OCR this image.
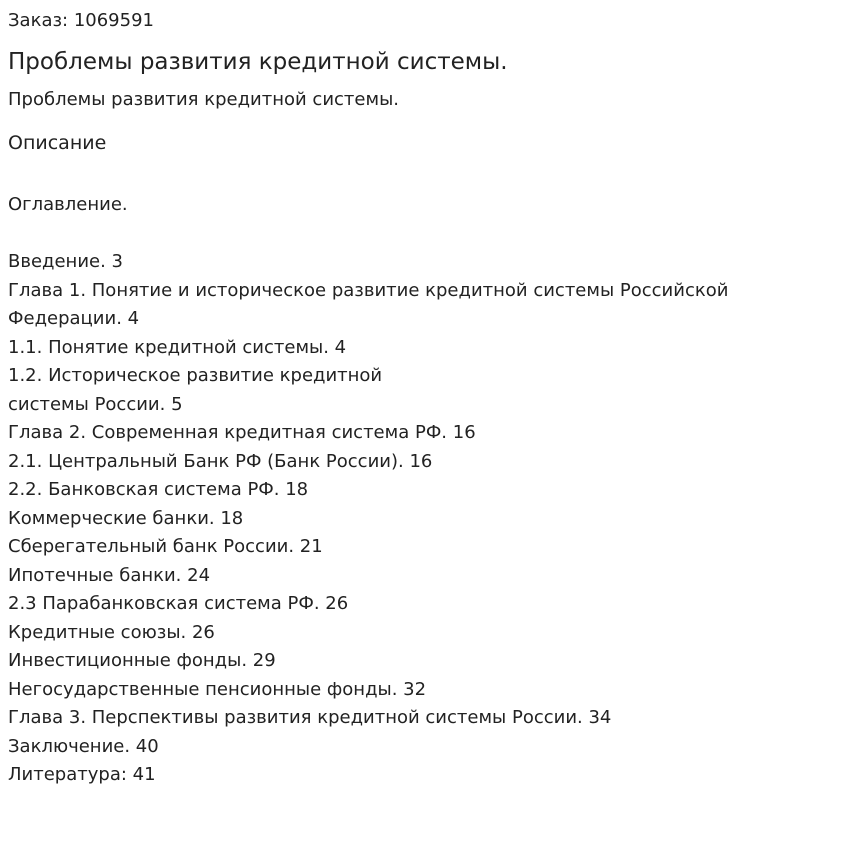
Заказ: 1069591
Проблемы развития кредитной системы.
Проблемы развития кредитной системы.
Описание
Оглавление.
Введение. 3
Глава 1. Понятие и историческое развитие кредитной системы Российской
Федерации. 4
1.1. Понятие кредитной системы. 4
1.2. Историческое развитие кредитной
системы России. 5
Глава 2. Современная кредитная система РФ. 16
2.1. Центральный Банк РФ (Банк России). 16
2.2. Банковская система РФ. 18
Коммерческие банки. 18
Сберегательный банк России. 21
Ипотечные банки. 24
2.3 Парабанковская система РФ. 26
Кредитные союзы. 26
Инвестиционные фонды. 29
Негосударственные пенсионные фонды. 32
Глава 3. Перспективы развития кредитной системы России. 34
Заключение. 40
Литература: 41
